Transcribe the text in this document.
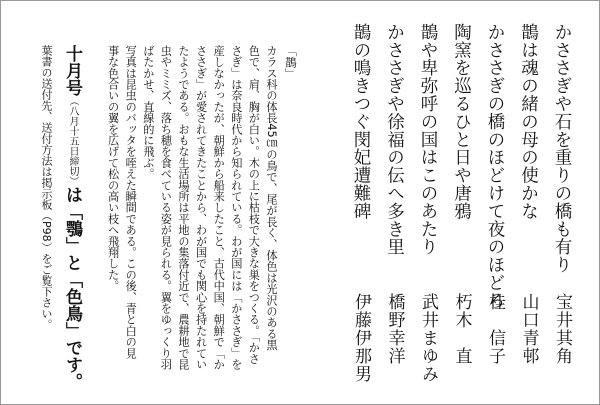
かささぎや石を重りの橋も有り
宝井其角
鵲は魂の緒の母の使かな
山口青邨
かささぎの橋のほどけて夜のほどろ
桂　信子
陶窯を巡るひと日や唐鴉
朽木　直
鵲や卑弥呼の国はこのあたり
武井まゆみ
かささぎや徐福の伝へ多き里
橋野幸洋
鵲の鳴きつぐ閔妃遭難碑
伊藤伊那男
「鵲」
カラス科の体長45㎝の鳥で、尾が長く、体色は光沢のある黒
色で、肩、胸が白い。木の上に枯枝で大きな巣をつくる。「かさ
さぎ」は奈良時代から知られている。わが国には「かささぎ」を
産しなかったが、朝鮮から船来したこと、古代中国、朝鮮で「か
ささぎ」が愛されてきたことから、わが国でも関心を持たれてい
たようである。おもな生活場所は平地の集落付近で、農耕地で昆
虫やミミズ、落ち穂を食べている姿が見られる。翼をゆっくり羽
ばたかせ、直線的に飛ぶ。
写真は昆虫のバッタを咥えた瞬間である。この後、青と白の見
事な色合いの翼を広げて松の高い枝へ飛翔した。
十月号（八月十五日締切）は「鶚」と「色鳥」です。
葉書の送付先、送付方法は掲示板（P98）をご覧下さい。
